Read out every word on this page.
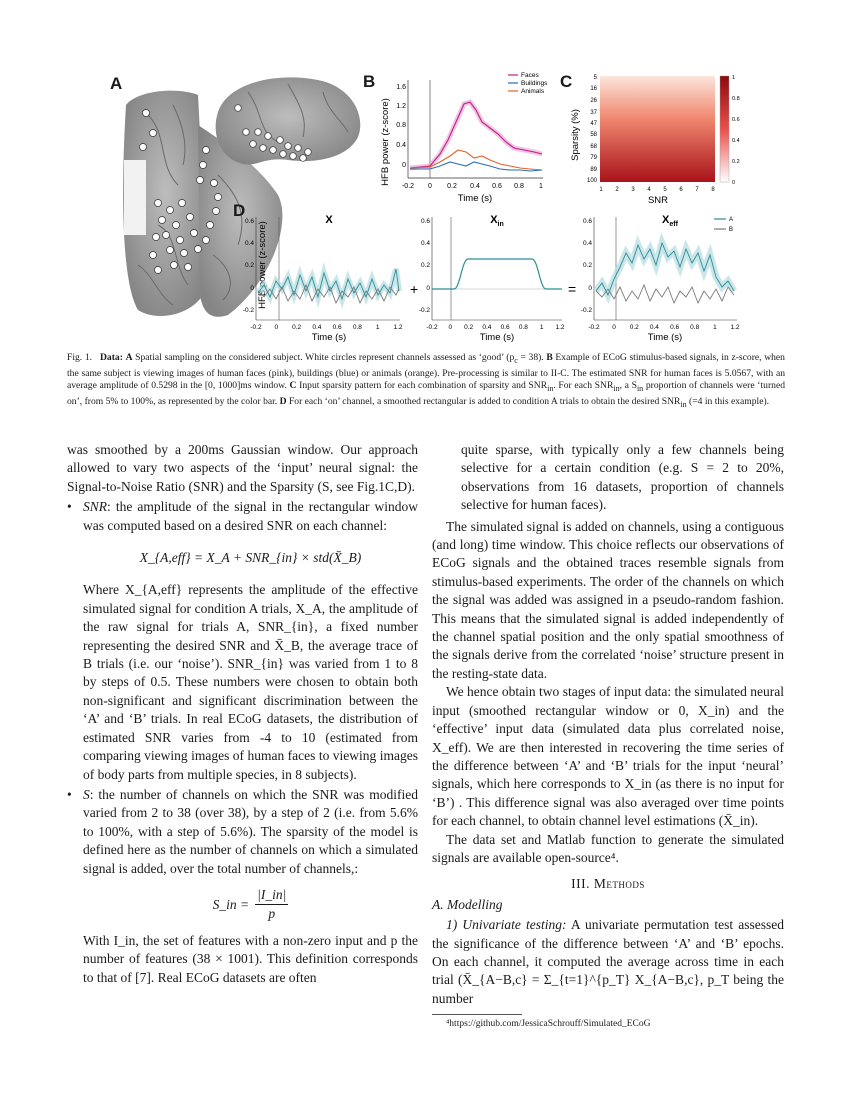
A	B
HFB power (z-score) 0
0.4
0.8
1.2
1.6
-0.2 0 0.2 0.4 0.6 0.8 1
Time (s)
Faces
Buildings
Animals
C
Sparsity (%)
5
16
26
37
47
58
68
79
89
100
1 2 3 4 5 6 7 8
SNR
1
0.8
0.6
0.4
0.2
0
D
HFB power (z-score)
X
0.6
0.4
0.2
0
-0.2
+
$X_{in}$
0.6
0.4
0.2
0
-0.2
=
$X_{eff}$
0.6
0.4
0.2
0
-0.2
A
B
-0.2 0 0.2 0.4 0.6 0.8 1 1.2	-0.2 0 0.2 0.4 0.6 0.8 1 1.2	-0.2 0 0.2 0.4 0.6 0.8 1 1.2
Time (s)	Time (s)	Time (s)
Fig. 1. Data: A Spatial sampling on the considered subject. White circles represent channels assessed as ‘good’ $(p_c = 38)$. B Example of ECoG stimulus-based signals, in z-score, when the same subject is viewing images of human faces (pink), buildings (blue) or animals (orange). Pre-processing is similar to II-C. The estimated SNR for human faces is 5.0567, with an average amplitude of 0.5298 in the [0, 1000]ms window. C Input sparsity pattern for each combination of sparsity and $SNR_{in}$. For each $SNR_{in}$, a $S_{in}$ proportion of channels were ‘turned on’, from 5% to 100%, as represented by the color bar. D For each ‘on’ channel, a smoothed rectangular is added to condition A trials to obtain the desired $SNR_{in}$ (=4 in this example).

was smoothed by a 200ms Gaussian window. Our approach allowed to vary two aspects of the ‘input’ neural signal: the Signal-to-Noise Ratio (SNR) and the Sparsity (S, see Fig.1C,D).

• SNR: the amplitude of the signal in the rectangular window was computed based on a desired SNR on each channel:

X_{A,eff} = X_A + SNR_{in} × std(X̄_B)

Where X_{A,eff} represents the amplitude of the effective simulated signal for condition A trials, X_A, the amplitude of the raw signal for trials A, SNR_{in}, a fixed number representing the desired SNR and X̄_B, the average trace of B trials (i.e. our ‘noise’). SNR_{in} was varied from 1 to 8 by steps of 0.5. These numbers were chosen to obtain both non-significant and significant discrimination between the ‘A’ and ‘B’ trials. In real ECoG datasets, the distribution of estimated SNR varies from -4 to 10 (estimated from comparing viewing images of human faces to viewing images of body parts from multiple species, in 8 subjects).

• S: the number of channels on which the SNR was modified varied from 2 to 38 (over 38), by a step of 2 (i.e. from 5.6% to 100%, with a step of 5.6%). The sparsity of the model is defined here as the number of channels on which a simulated signal is added, over the total number of channels,:

S_in = $\frac{|I\_in|}{p}$

With I_in, the set of features with a non-zero input and p the number of features (38 × 1001). This definition corresponds to that of [7]. Real ECoG datasets are often

quite sparse, with typically only a few channels being selective for a certain condition (e.g. S = 2 to 20%, observations from 16 datasets, proportion of channels selective for human faces).

The simulated signal is added on channels, using a contiguous (and long) time window. This choice reflects our observations of ECoG signals and the obtained traces resemble signals from stimulus-based experiments. The order of the channels on which the signal was added was assigned in a pseudo-random fashion. This means that the simulated signal is added independently of the channel spatial position and the only spatial smoothness of the signals derive from the correlated ‘noise’ structure present in the resting-state data.

We hence obtain two stages of input data: the simulated neural input (smoothed rectangular window or 0, X_in) and the ‘effective’ input data (simulated data plus correlated noise, X_eff). We are then interested in recovering the time series of the difference between ‘A’ and ‘B’ trials for the input ‘neural’ signals, which here corresponds to X_in (as there is no input for ‘B’) . This difference signal was also averaged over time points for each channel, to obtain channel level estimations (X̄_in).

The data set and Matlab function to generate the simulated signals are available open-source⁴.

III. Methods

A. Modelling

1) Univariate testing: A univariate permutation test assessed the significance of the difference between ‘A’ and ‘B’ epochs. On each channel, it computed the average across time in each trial (X̄_{A−B,c} = Σ_{t=1}^{p_T} X_{A−B,c}, p_T being the number

⁴https://github.com/JessicaSchrouff/Simulated_ECoG
